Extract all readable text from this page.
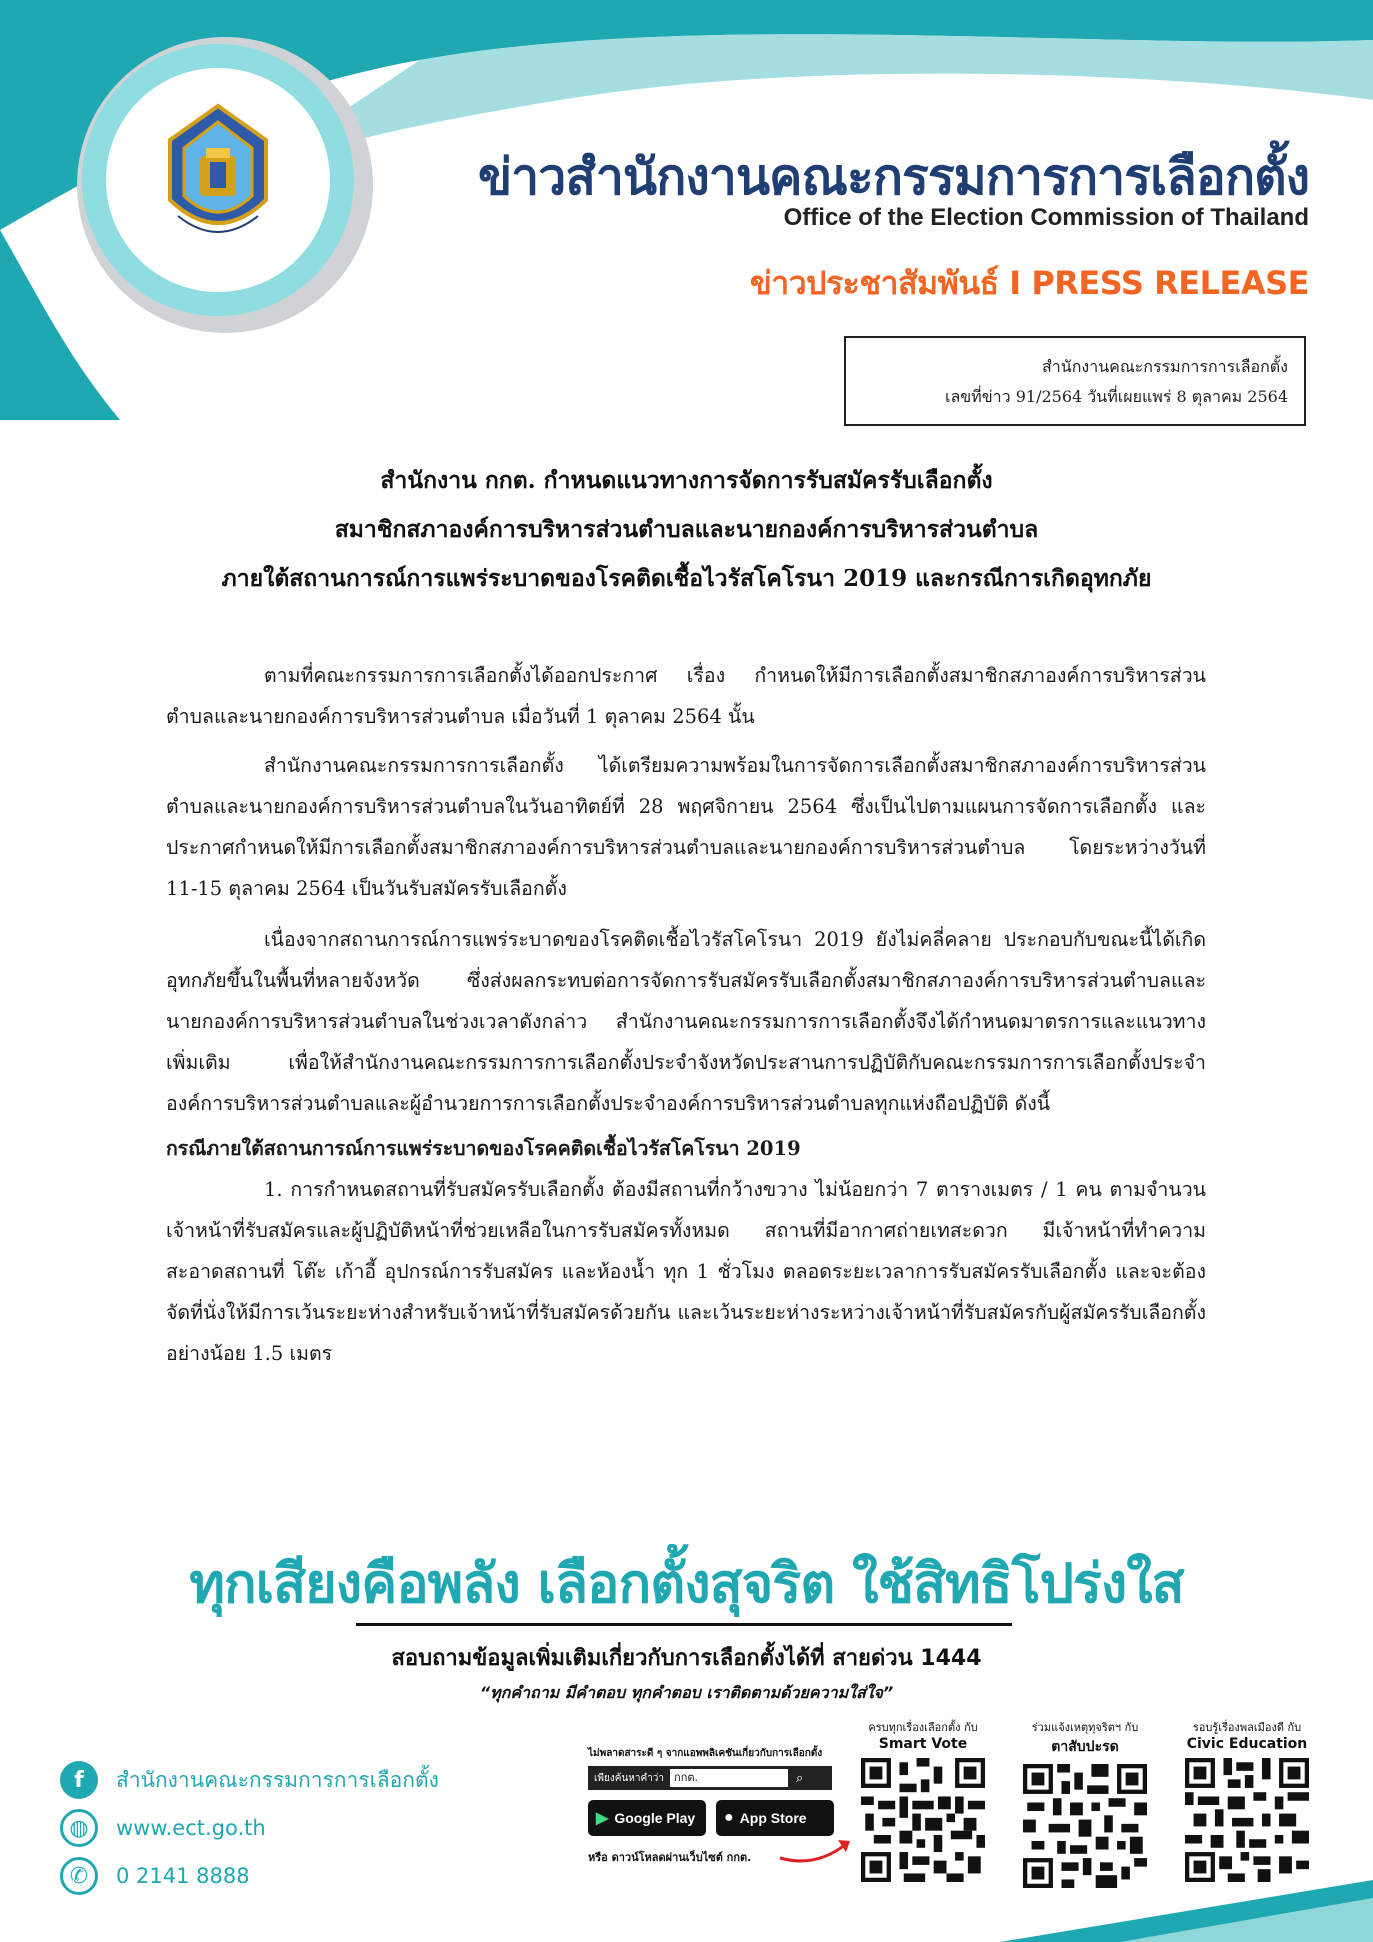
ข่าวสำนักงานคณะกรรมการการเลือกตั้ง
Office of the Election Commission of Thailand
ข่าวประชาสัมพันธ์ I PRESS RELEASE
สำนักงานคณะกรรมการการเลือกตั้ง
เลขที่ข่าว 91/2564 วันที่เผยแพร่ 8 ตุลาคม 2564
สำนักงาน กกต. กำหนดแนวทางการจัดการรับสมัครรับเลือกตั้ง
สมาชิกสภาองค์การบริหารส่วนตำบลและนายกองค์การบริหารส่วนตำบล
ภายใต้สถานการณ์การแพร่ระบาดของโรคติดเชื้อไวรัสโคโรนา 2019 และกรณีการเกิดอุทกภัย

ตามที่คณะกรรมการการเลือกตั้งได้ออกประกาศ เรื่อง กำหนดให้มีการเลือกตั้งสมาชิกสภาองค์การบริหารส่วนตำบลและนายกองค์การบริหารส่วนตำบล เมื่อวันที่ 1 ตุลาคม 2564 นั้น

สำนักงานคณะกรรมการการเลือกตั้ง ได้เตรียมความพร้อมในการจัดการเลือกตั้งสมาชิกสภาองค์การบริหารส่วนตำบลและนายกองค์การบริหารส่วนตำบลในวันอาทิตย์ที่ 28 พฤศจิกายน 2564 ซึ่งเป็นไปตามแผนการจัดการเลือกตั้ง และประกาศกำหนดให้มีการเลือกตั้งสมาชิกสภาองค์การบริหารส่วนตำบลและนายกองค์การบริหารส่วนตำบล โดยระหว่างวันที่ 11-15 ตุลาคม 2564 เป็นวันรับสมัครรับเลือกตั้ง

เนื่องจากสถานการณ์การแพร่ระบาดของโรคติดเชื้อไวรัสโคโรนา 2019 ยังไม่คลี่คลาย ประกอบกับขณะนี้ได้เกิดอุทกภัยขึ้นในพื้นที่หลายจังหวัด ซึ่งส่งผลกระทบต่อการจัดการรับสมัครรับเลือกตั้งสมาชิกสภาองค์การบริหารส่วนตำบลและนายกองค์การบริหารส่วนตำบลในช่วงเวลาดังกล่าว สำนักงานคณะกรรมการการเลือกตั้งจึงได้กำหนดมาตรการและแนวทางเพิ่มเติม เพื่อให้สำนักงานคณะกรรมการการเลือกตั้งประจำจังหวัดประสานการปฏิบัติกับคณะกรรมการการเลือกตั้งประจำองค์การบริหารส่วนตำบลและผู้อำนวยการการเลือกตั้งประจำองค์การบริหารส่วนตำบลทุกแห่งถือปฏิบัติ ดังนี้

กรณีภายใต้สถานการณ์การแพร่ระบาดของโรคคติดเชื้อไวรัสโคโรนา 2019

1. การกำหนดสถานที่รับสมัครรับเลือกตั้ง ต้องมีสถานที่กว้างขวาง ไม่น้อยกว่า 7 ตารางเมตร / 1 คน ตามจำนวนเจ้าหน้าที่รับสมัครและผู้ปฏิบัติหน้าที่ช่วยเหลือในการรับสมัครทั้งหมด สถานที่มีอากาศถ่ายเทสะดวก มีเจ้าหน้าที่ทำความสะอาดสถานที่ โต๊ะ เก้าอี้ อุปกรณ์การรับสมัคร และห้องน้ำ ทุก 1 ชั่วโมง ตลอดระยะเวลาการรับสมัครรับเลือกตั้ง และจะต้องจัดที่นั่งให้มีการเว้นระยะห่างสำหรับเจ้าหน้าที่รับสมัครด้วยกัน และเว้นระยะห่างระหว่างเจ้าหน้าที่รับสมัครกับผู้สมัครรับเลือกตั้ง อย่างน้อย 1.5 เมตร

ทุกเสียงคือพลัง เลือกตั้งสุจริต ใช้สิทธิโปร่งใส
สอบถามข้อมูลเพิ่มเติมเกี่ยวกับการเลือกตั้งได้ที่ สายด่วน 1444
“ทุกคำถาม มีคำตอบ ทุกคำตอบ เราติดตามด้วยความใส่ใจ”
f	สำนักงานคณะกรรมการการเลือกตั้ง
◍	www.ect.go.th
✆	0 2141 8888
ไม่พลาดสาระดี ๆ จากแอพพลิเคชันเกี่ยวกับการเลือกตั้ง
เพียงค้นหาคำว่า กกต.	⌕
▶ Google Play ● App Store
หรือ ดาวน์โหลดผ่านเว็บไซต์ กกต.
ครบทุกเรื่องเลือกตั้ง กับ
Smart Vote
ร่วมแจ้งเหตุทุจริตฯ กับ
ตาสับปะรด
รอบรู้เรื่องพลเมืองดี กับ
Civic Education
